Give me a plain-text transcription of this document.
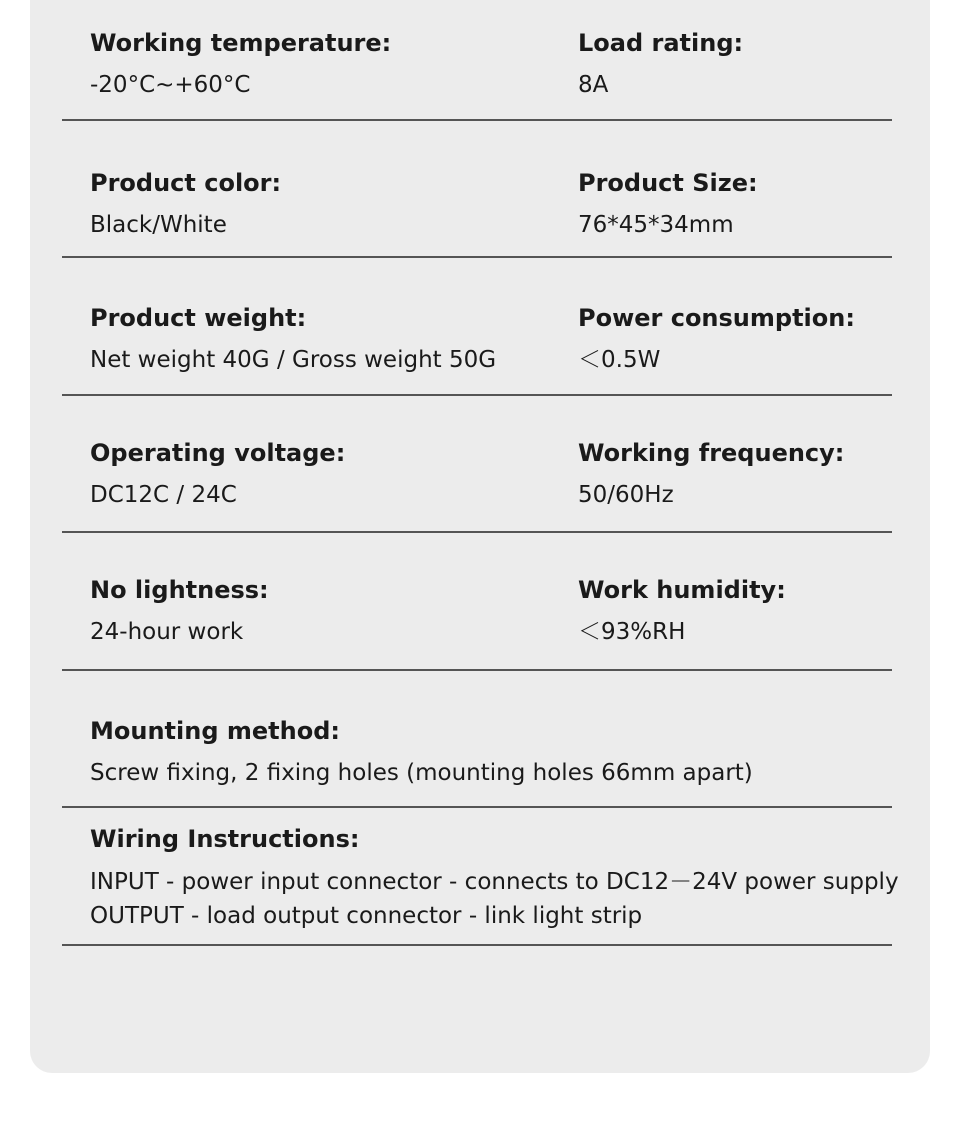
Working temperature:
-20°C~+60°C
Load rating:
8A
Product color:
Black/White
Product Size:
76*45*34mm
Product weight:
Net weight 40G / Gross weight 50G
Power consumption:
＜0.5W
Operating voltage:
DC12C / 24C
Working frequency:
50/60Hz
No lightness:
24-hour work
Work humidity:
＜93%RH
Mounting method:
Screw fixing, 2 fixing holes (mounting holes 66mm apart)
Wiring Instructions:
INPUT - power input connector - connects to DC12－24V power supply
OUTPUT - load output connector - link light strip
